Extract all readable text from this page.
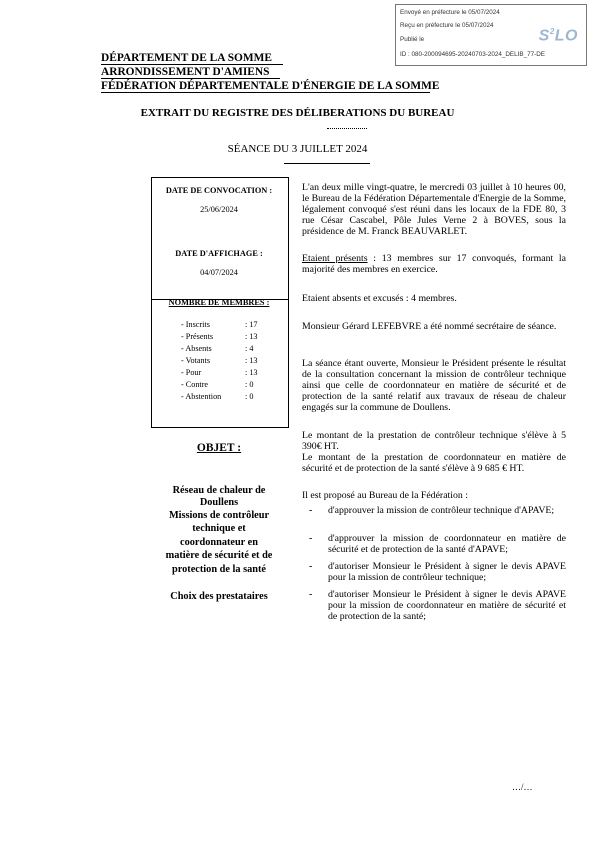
Envoyé en préfecture le 05/07/2024
Reçu en préfecture le 05/07/2024
Publié le
ID : 080-200094695-20240703-2024_DELIB_77-DE
$S^2LO$
DÉPARTEMENT DE LA SOMME
ARRONDISSEMENT D'AMIENS
FÉDÉRATION DÉPARTEMENTALE D'ÉNERGIE DE LA SOMME
EXTRAIT DU REGISTRE DES DÉLIBERATIONS DU BUREAU
SÉANCE DU 3 JUILLET 2024
DATE DE CONVOCATION :
25/06/2024
DATE D'AFFICHAGE :
04/07/2024
NOMBRE DE MEMBRES :
- Inscrits	: 17
- Présents	: 13
- Absents	: 4
- Votants	: 13
- Pour	: 13
- Contre	: 0
- Abstention	: 0
OBJET :
Réseau de chaleur de
Doullens
Missions de contrôleur
technique et
coordonnateur en
matière de sécurité et de
protection de la santé
Choix des prestataires

L'an deux mille vingt-quatre, le mercredi 03 juillet à 10 heures 00, le Bureau de la Fédération Départementale d'Energie de la Somme, légalement convoqué s'est réuni dans les locaux de la FDE 80, 3 rue César Cascabel, Pôle Jules Verne 2 à BOVES, sous la présidence de M. Franck BEAUVARLET.

Etaient présents : 13 membres sur 17 convoqués, formant la majorité des membres en exercice.

Etaient absents et excusés : 4 membres.

Monsieur Gérard LEFEBVRE a été nommé secrétaire de séance.

La séance étant ouverte, Monsieur le Président présente le résultat de la consultation concernant la mission de contrôleur technique ainsi que celle de coordonnateur en matière de sécurité et de protection de la santé relatif aux travaux de réseau de chaleur engagés sur la commune de Doullens.

Le montant de la prestation de contrôleur technique s'élève à 5 390€ HT.

Le montant de la prestation de coordonnateur en matière de sécurité et de protection de la santé s'élève à 9 685 € HT.

Il est proposé au Bureau de la Fédération :

- d'approuver la mission de contrôleur technique d'APAVE;
- d'approuver la mission de coordonnateur en matière de sécurité et de protection de la santé d'APAVE;
- d'autoriser Monsieur le Président à signer le devis APAVE pour la mission de contrôleur technique;
- d'autoriser Monsieur le Président à signer le devis APAVE pour la mission de coordonnateur en matière de sécurité et de protection de la santé;
…/…
